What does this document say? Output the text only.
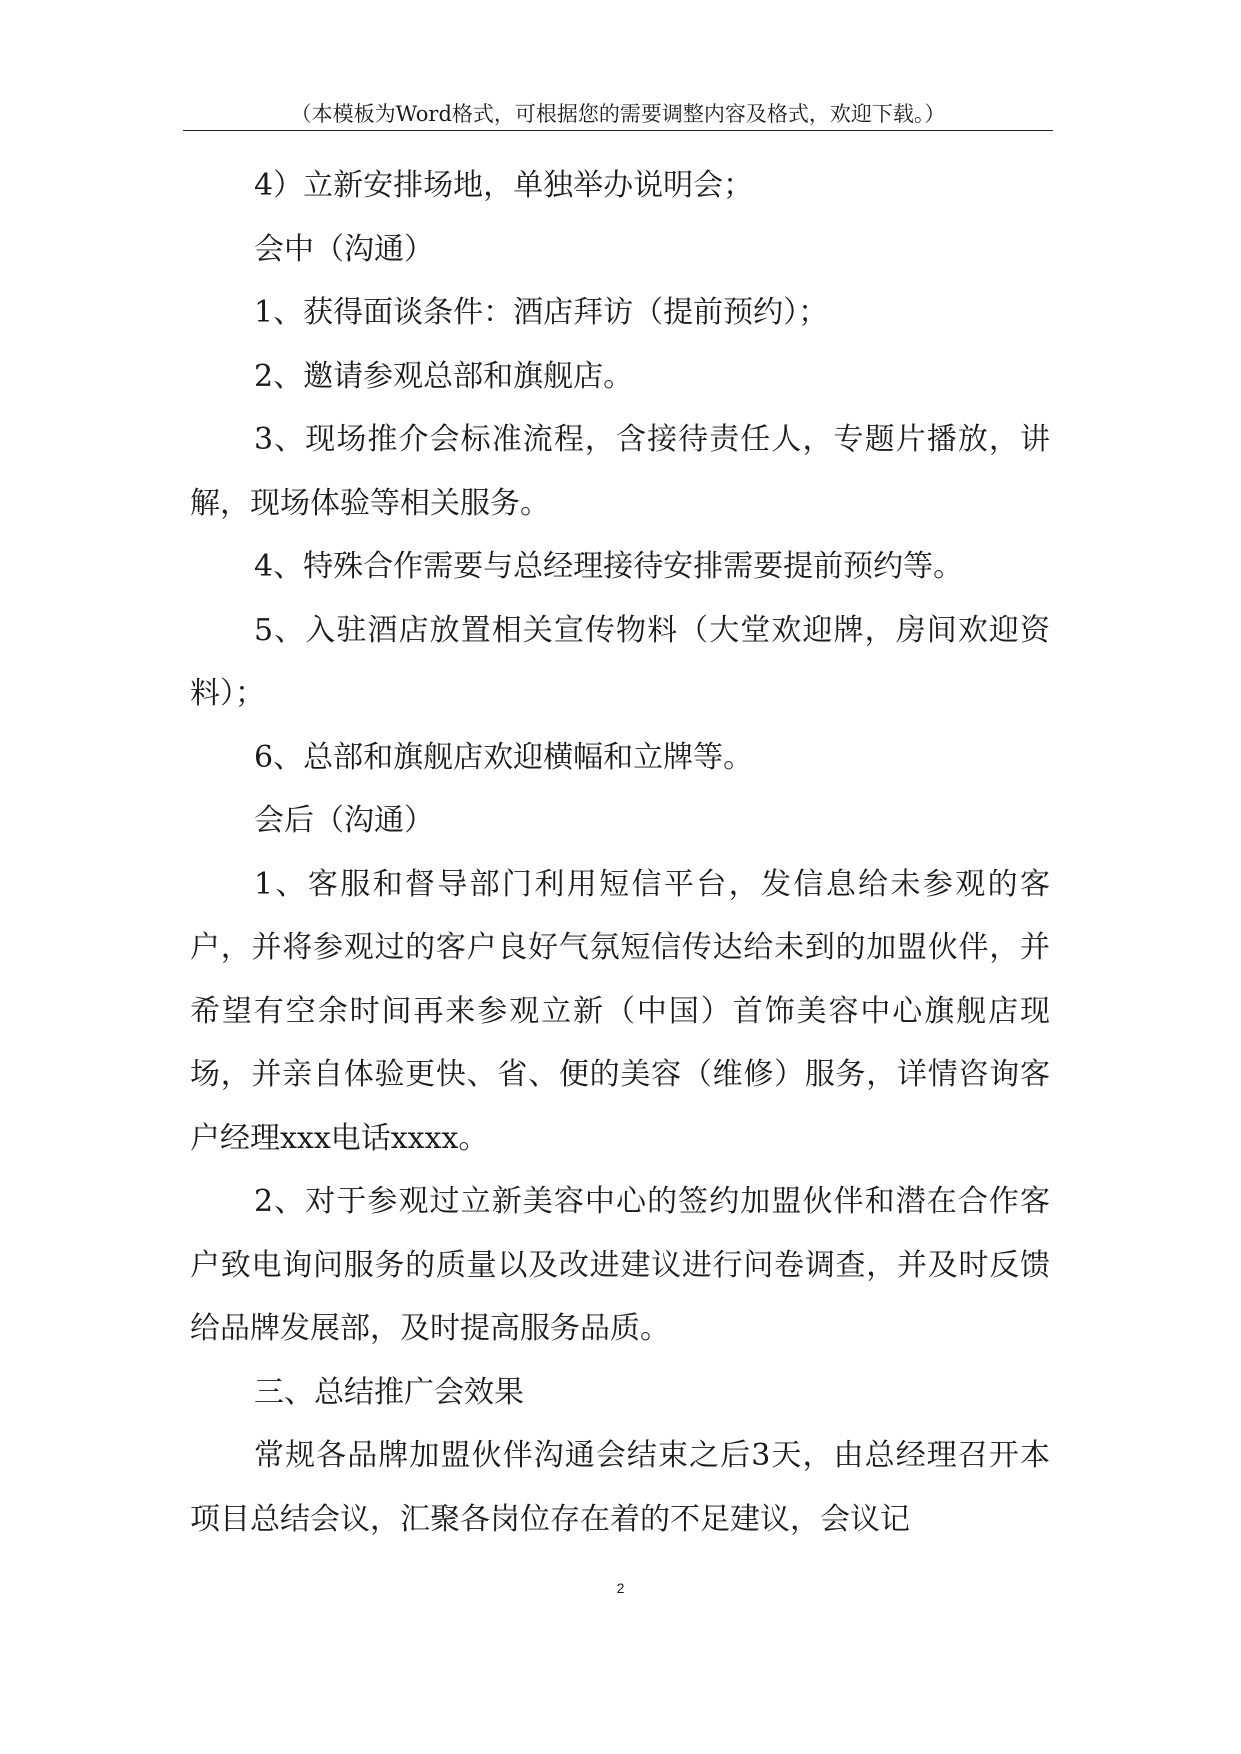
（本模板为Word格式，可根据您的需要调整内容及格式，欢迎下载。）

4）立新安排场地，单独举办说明会；

会中（沟通）

1、获得面谈条件：酒店拜访（提前预约）；

2、邀请参观总部和旗舰店。

3、现场推介会标准流程，含接待责任人，专题片播放，讲解，现场体验等相关服务。

4、特殊合作需要与总经理接待安排需要提前预约等。

5、入驻酒店放置相关宣传物料（大堂欢迎牌，房间欢迎资料）；

6、总部和旗舰店欢迎横幅和立牌等。

会后（沟通）

1、客服和督导部门利用短信平台，发信息给未参观的客户，并将参观过的客户良好气氛短信传达给未到的加盟伙伴，并希望有空余时间再来参观立新（中国）首饰美容中心旗舰店现场，并亲自体验更快、省、便的美容（维修）服务，详情咨询客户经理xxx电话xxxx。

2、对于参观过立新美容中心的签约加盟伙伴和潜在合作客户致电询问服务的质量以及改进建议进行问卷调查，并及时反馈给品牌发展部，及时提高服务品质。

三、总结推广会效果

常规各品牌加盟伙伴沟通会结束之后3天，由总经理召开本项目总结会议，汇聚各岗位存在着的不足建议，会议记

2
